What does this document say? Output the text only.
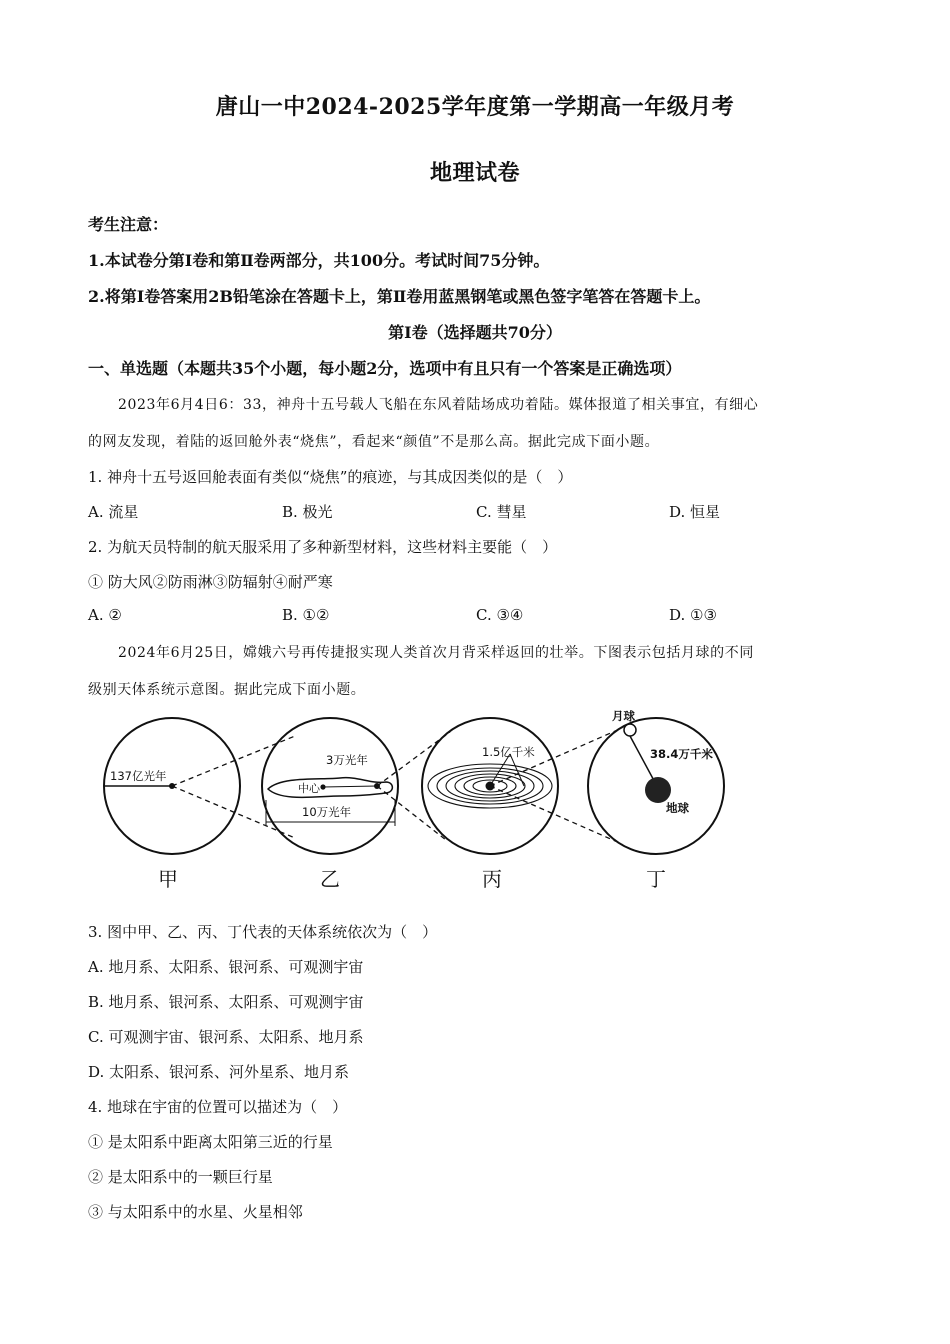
唐山一中2024-2025学年度第一学期高一年级月考
地理试卷
考生注意：
1.本试卷分第Ⅰ卷和第Ⅱ卷两部分，共100分。考试时间75分钟。
2.将第Ⅰ卷答案用2B铅笔涂在答题卡上，第Ⅱ卷用蓝黑钢笔或黑色签字笔答在答题卡上。
第I卷（选择题共70分）
一、单选题（本题共35个小题，每小题2分，选项中有且只有一个答案是正确选项）
2023年6月4日6：33，神舟十五号载人飞船在东风着陆场成功着陆。媒体报道了相关事宜，有细心
的网友发现，着陆的返回舱外表“烧焦”，看起来“颜值”不是那么高。据此完成下面小题。
1. 神舟十五号返回舱表面有类似“烧焦”的痕迹，与其成因类似的是（　）
A. 流星	B. 极光	C. 彗星	D. 恒星
2. 为航天员特制的航天服采用了多种新型材料，这些材料主要能（　）
① 防大风②防雨淋③防辐射④耐严寒
A. ②	B. ①②	C. ③④	D. ①③
2024年6月25日，嫦娥六号再传捷报实现人类首次月背采样返回的壮举。下图表示包括月球的不同
级别天体系统示意图。据此完成下面小题。
137亿光年
3万光年
中心
10万光年
1.5亿千米
月球
38.4万千米
地球
甲	乙	丙	丁
3. 图中甲、乙、丙、丁代表的天体系统依次为（　）
A. 地月系、太阳系、银河系、可观测宇宙
B. 地月系、银河系、太阳系、可观测宇宙
C. 可观测宇宙、银河系、太阳系、地月系
D. 太阳系、银河系、河外星系、地月系
4. 地球在宇宙的位置可以描述为（　）
① 是太阳系中距离太阳第三近的行星
② 是太阳系中的一颗巨行星
③ 与太阳系中的水星、火星相邻
